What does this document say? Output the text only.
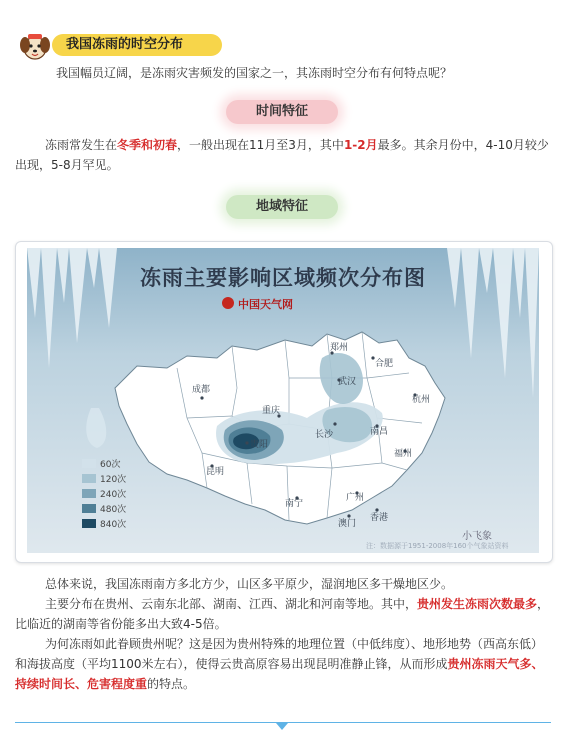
我国冻雨的时空分布
我国幅员辽阔，是冻雨灾害频发的国家之一，其冻雨时空分布有何特点呢？
时间特征
冻雨常发生在冬季和初春，一般出现在11月至3月，其中1-2月最多。其余月份中，4-10月较少出现，5-8月罕见。
地域特征
冻雨主要影响区域频次分布图
中国天气网
郑州
合肥
成都
武汉
重庆
杭州
贵阳
长沙	南昌
昆明
福州
南宁
广州
香港
澳门
60次
120次
240次
480次
840次
小飞象
注：数据源于1951-2008年160个气象站资料
总体来说，我国冻雨南方多北方少，山区多平原少，湿润地区多干燥地区少。
主要分布在贵州、云南东北部、湖南、江西、湖北和河南等地。其中，贵州发生冻雨次数最多，比临近的湖南等省份能多出大致4-5倍。
为何冻雨如此眷顾贵州呢？这是因为贵州特殊的地理位置（中低纬度）、地形地势（西高东低）和海拔高度（平均1100米左右），使得云贵高原容易出现昆明准静止锋，从而形成贵州冻雨天气多、持续时间长、危害程度重的特点。
